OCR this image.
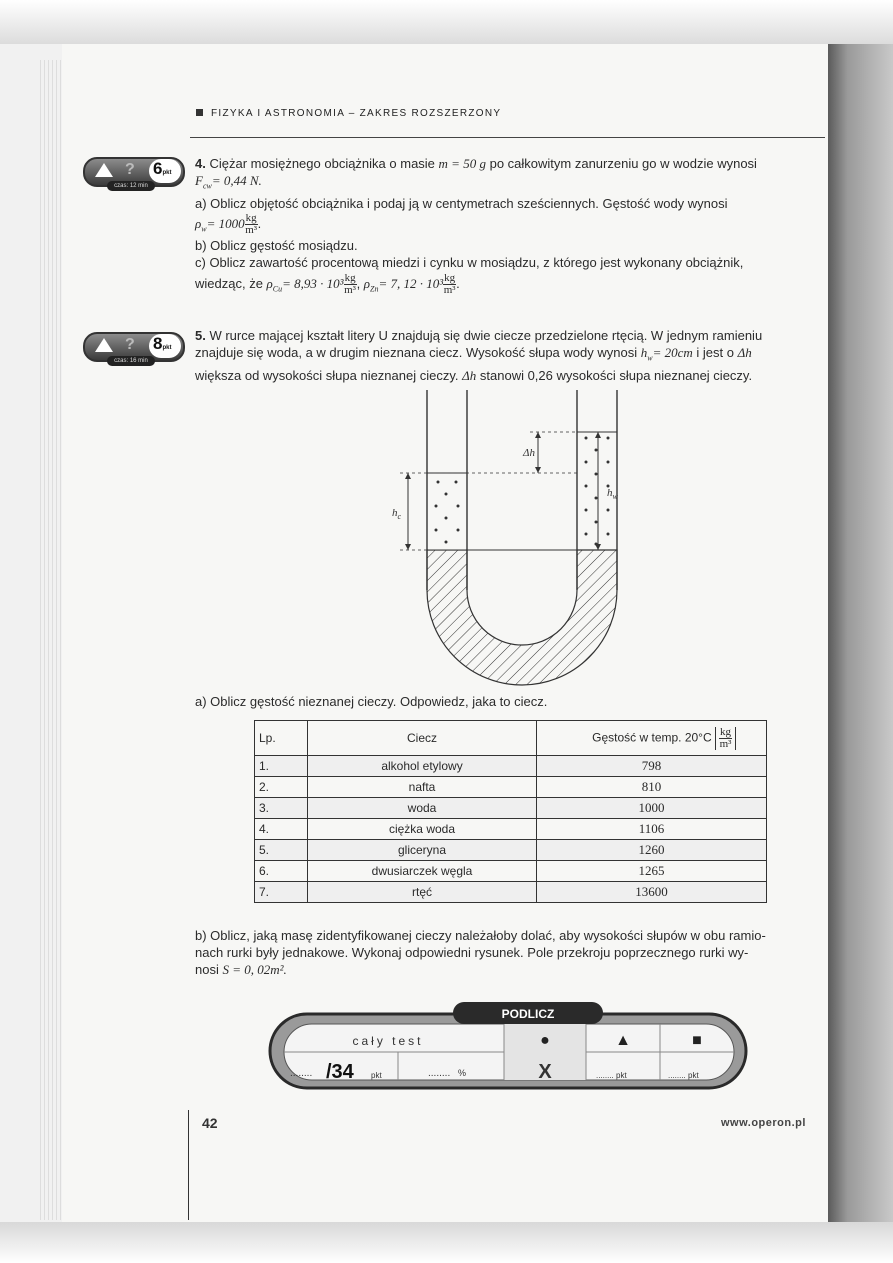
FIZYKA I ASTRONOMIA – ZAKRES ROZSZERZONY
? 6pkt
czas: 12 min
4. Ciężar mosiężnego obciążnika o masie m = 50 g po całkowitym zanurzeniu go w wodzie wynosi
$F_{cw}= 0,44$ N.
a) Oblicz objętość obciążnika i podaj ją w centymetrach sześciennych. Gęstość wody wynosi
$\rho_w= 1000 \frac{kg}{\text{m³}}$ .
b) Oblicz gęstość mosiądzu.
c) Oblicz zawartość procentową miedzi i cynku w mosiądzu, z którego jest wykonany obciążnik,
wiedząc, że $\rho_{Cu}= 8,93 \cdot 10^3 \frac{kg}{\text{m³}}$ , $\rho_{Zn}= 7$, $12 \cdot 10^3 \frac{kg}{\text{m³}}$ .
? 8pkt
czas: 16 min
5. W rurce mającej kształt litery U znajdują się dwie ciecze przedzielone rtęcią. W jednym ramieniu
znajduje się woda, a w drugim nieznana ciecz. Wysokość słupa wody wynosi $h_w= 20cm$ i jest o Δh
większa od wysokości słupa nieznanej cieczy. Δh stanowi 0,26 wysokości słupa nieznanej cieczy.
Δh
$h_w$
$h_c$
a) Oblicz gęstość nieznanej cieczy. Odpowiedz, jaka to ciecz.
Lp.	Ciecz	Gęstość w temp. $20^\circ C \frac{kg}{\text{m³}}$

1.	alkohol etylowy	798
2.	nafta	810
3.	woda	1000
4.	ciężka woda	1106
5.	gliceryna	1260
6.	dwusiarczek węgla	1265
7.	rtęć	13600
b) Oblicz, jaką masę zidentyfikowanej cieczy należałoby dolać, aby wysokości słupów w obu ramio-
nach rurki były jednakowe. Wykonaj odpowiedni rysunek. Pole przekroju poprzecznego rurki wy-
nosi S = 0, 02m².
PODLICZ
cały test	●	▲	■
........ /34 pkt	........ %	X	........ pkt	........ pkt
42	www.operon.pl
